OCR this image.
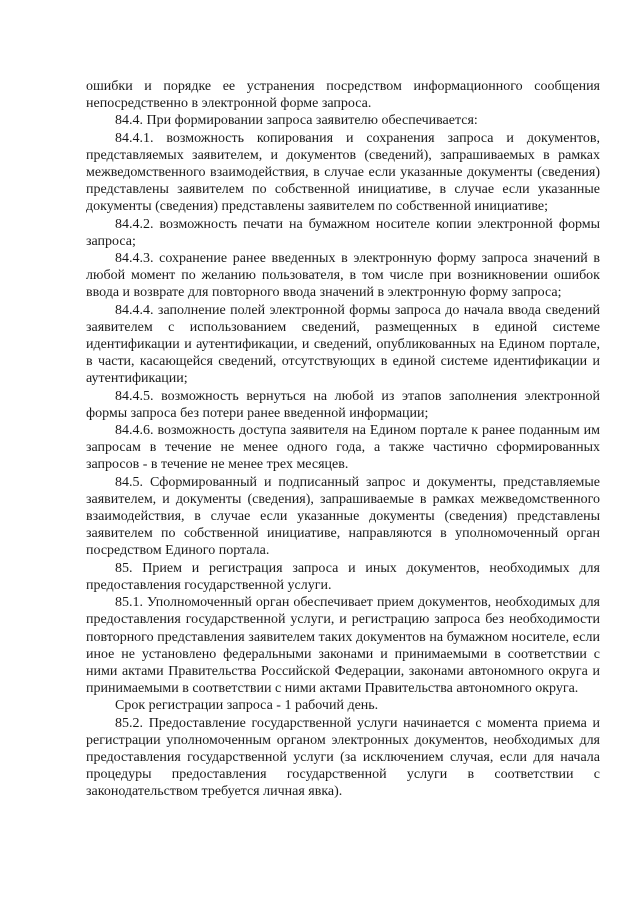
ошибки и порядке ее устранения посредством информационного сообщения непосредственно в электронной форме запроса.

84.4. При формировании запроса заявителю обеспечивается:

84.4.1. возможность копирования и сохранения запроса и документов, представляемых заявителем, и документов (сведений), запрашиваемых в рамках межведомственного взаимодействия, в случае если указанные документы (сведения) представлены заявителем по собственной инициативе, в случае если указанные документы (сведения) представлены заявителем по собственной инициативе;

84.4.2. возможность печати на бумажном носителе копии электронной формы запроса;

84.4.3. сохранение ранее введенных в электронную форму запроса значений в любой момент по желанию пользователя, в том числе при возникновении ошибок ввода и возврате для повторного ввода значений в электронную форму запроса;

84.4.4. заполнение полей электронной формы запроса до начала ввода сведений заявителем с использованием сведений, размещенных в единой системе идентификации и аутентификации, и сведений, опубликованных на Едином портале, в части, касающейся сведений, отсутствующих в единой системе идентификации и аутентификации;

84.4.5. возможность вернуться на любой из этапов заполнения электронной формы запроса без потери ранее введенной информации;

84.4.6. возможность доступа заявителя на Едином портале к ранее поданным им запросам в течение не менее одного года, а также частично сформированных запросов - в течение не менее трех месяцев.

84.5. Сформированный и подписанный запрос и документы, представляемые заявителем, и документы (сведения), запрашиваемые в рамках межведомственного взаимодействия, в случае если указанные документы (сведения) представлены заявителем по собственной инициативе, направляются в уполномоченный орган посредством Единого портала.

85. Прием и регистрация запроса и иных документов, необходимых для предоставления государственной услуги.

85.1. Уполномоченный орган обеспечивает прием документов, необходимых для предоставления государственной услуги, и регистрацию запроса без необходимости повторного представления заявителем таких документов на бумажном носителе, если иное не установлено федеральными законами и принимаемыми в соответствии с ними актами Правительства Российской Федерации, законами автономного округа и принимаемыми в соответствии с ними актами Правительства автономного округа.

Срок регистрации запроса - 1 рабочий день.

85.2. Предоставление государственной услуги начинается с момента приема и регистрации уполномоченным органом электронных документов, необходимых для предоставления государственной услуги (за исключением случая, если для начала процедуры предоставления государственной услуги в соответствии с законодательством требуется личная явка).
